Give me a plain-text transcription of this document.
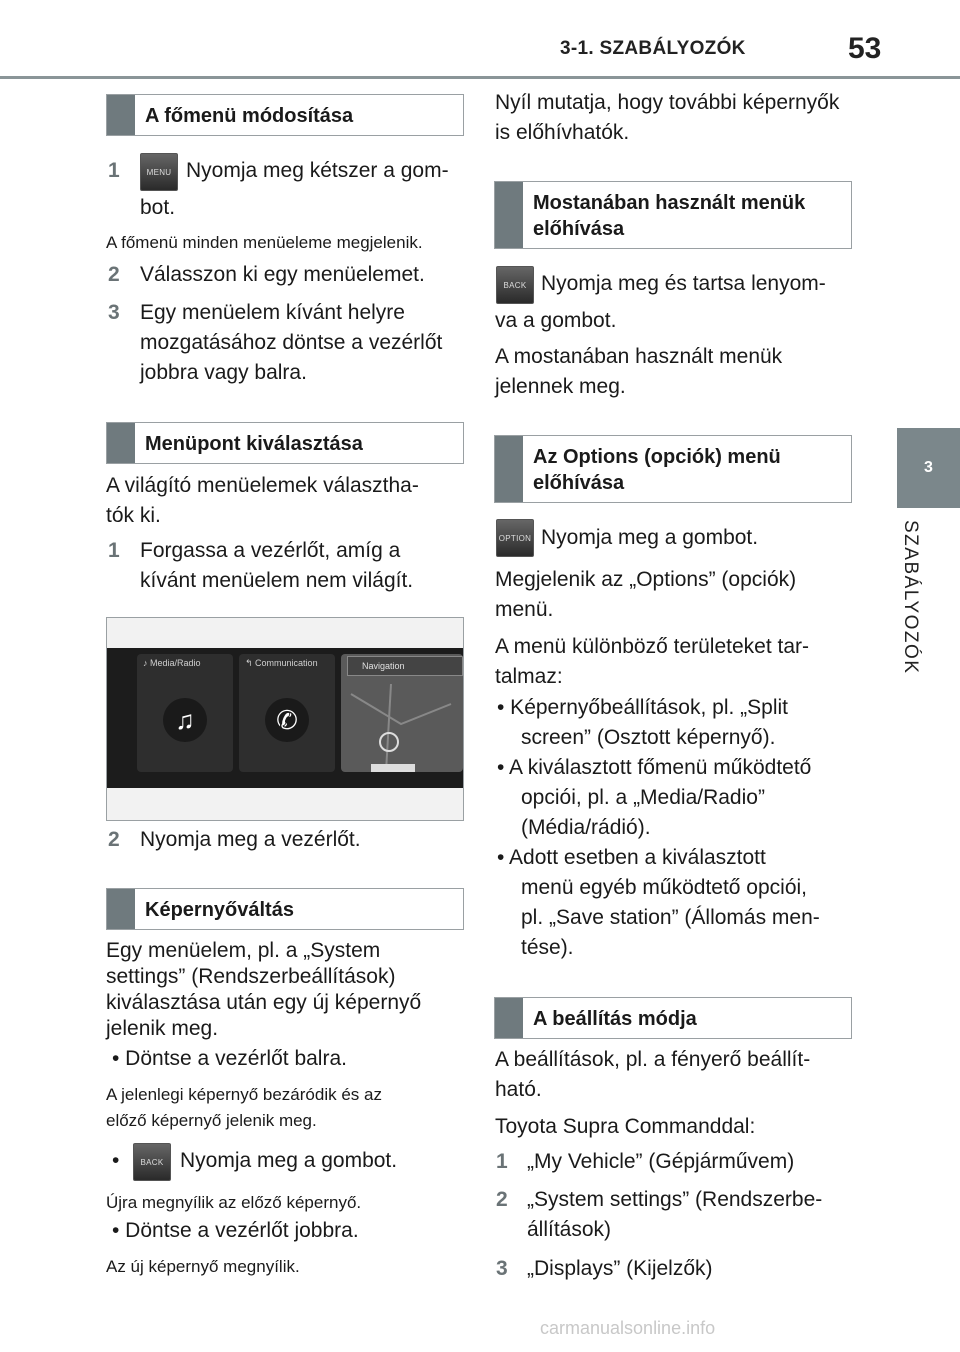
3-1. SZABÁLYOZÓK	53
3
SZABÁLYOZÓK
A főmenü módosítása
1	MENU Nyomja meg kétszer a gom-
bot.
A főmenü minden menüeleme megjelenik.
2 Válasszon ki egy menüelemet.
3 Egy menüelem kívánt helyre
mozgatásához döntse a vezérlőt
jobbra vagy balra.
Menüpont kiválasztása
A világító menüelemek választha-
tók ki.
1 Forgassa a vezérlőt, amíg a
kívánt menüelem nem világít.
♪ Media/Radio
♫
↰ Communication
✆
Navigation
2 Nyomja meg a vezérlőt.
Képernyőváltás
Egy menüelem, pl. a „System
settings” (Rendszerbeállítások)
kiválasztása után egy új képernyő
jelenik meg.
• Döntse a vezérlőt balra.
A jelenlegi képernyő bezáródik és az
előző képernyő jelenik meg.
•	BACK Nyomja meg a gombot.
Újra megnyílik az előző képernyő.
• Döntse a vezérlőt jobbra.
Az új képernyő megnyílik.
Nyíl mutatja, hogy további képernyők
is előhívhatók.
Mostanában használt menük
előhívása
BACK Nyomja meg és tartsa lenyom-
va a gombot.
A mostanában használt menük
jelennek meg.
Az Options (opciók) menü
előhívása
OPTION Nyomja meg a gombot.
Megjelenik az „Options” (opciók)
menü.
A menü különböző területeket tar-
talmaz:
• Képernyőbeállítások, pl. „Split
screen” (Osztott képernyő).
• A kiválasztott főmenü működtető
opciói, pl. a „Media/Radio”
(Média/rádió).
• Adott esetben a kiválasztott
menü egyéb működtető opciói,
pl. „Save station” (Állomás men-
tése).
A beállítás módja
A beállítások, pl. a fényerő beállít-
ható.
Toyota Supra Commanddal:
1 „My Vehicle” (Gépjárművem)
2 „System settings” (Rendszerbe-
állítások)
3 „Displays” (Kijelzők)
carmanualsonline.info
